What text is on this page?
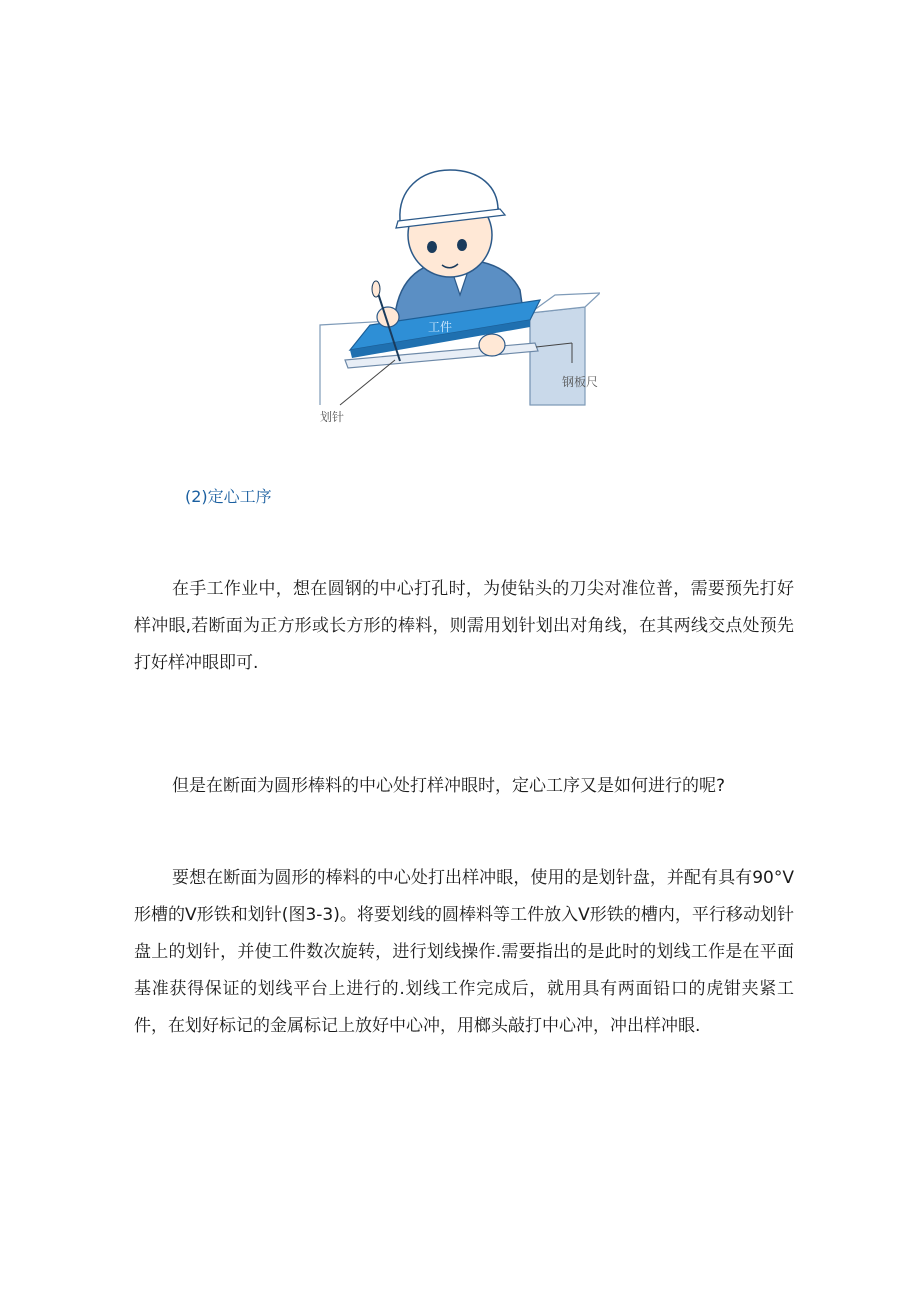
工件
钢板尺
划针
(2)定心工序

在手工作业中，想在圆钢的中心打孔时，为使钻头的刀尖对准位普，需要预先打好样冲眼,若断面为正方形或长方形的棒料，则需用划针划出对角线，在其两线交点处预先打好样冲眼即可.

但是在断面为圆形棒料的中心处打样冲眼时，定心工序又是如何进行的呢?

要想在断面为圆形的棒料的中心处打出样冲眼，使用的是划针盘，并配有具有90°V形槽的V形铁和划针(图3-3)。将要划线的圆棒料等工件放入V形铁的槽内，平行移动划针盘上的划针，并使工件数次旋转，进行划线操作.需要指出的是此时的划线工作是在平面基准获得保证的划线平台上进行的.划线工作完成后，就用具有两面铅口的虎钳夹紧工件，在划好标记的金属标记上放好中心冲，用榔头敲打中心冲，冲出样冲眼.
